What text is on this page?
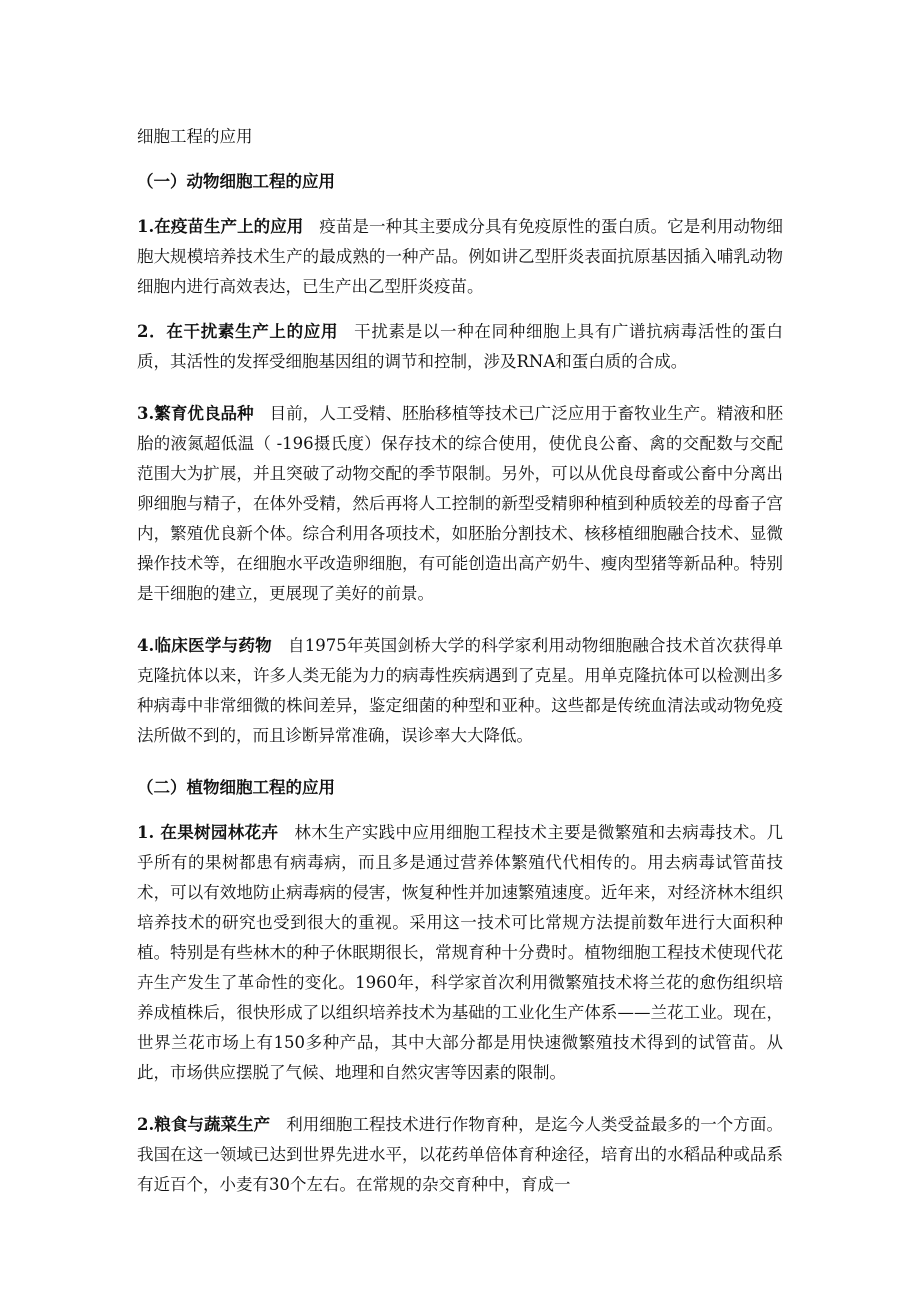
细胞工程的应用

（一）动物细胞工程的应用

1.在疫苗生产上的应用 疫苗是一种其主要成分具有免疫原性的蛋白质。它是利用动物细胞大规模培养技术生产的最成熟的一种产品。例如讲乙型肝炎表面抗原基因插入哺乳动物细胞内进行高效表达，已生产出乙型肝炎疫苗。

2．在干扰素生产上的应用 干扰素是以一种在同种细胞上具有广谱抗病毒活性的蛋白质，其活性的发挥受细胞基因组的调节和控制，涉及RNA和蛋白质的合成。

3.繁育优良品种 目前，人工受精、胚胎移植等技术已广泛应用于畜牧业生产。精液和胚胎的液氮超低温（ -196摄氏度）保存技术的综合使用，使优良公畜、禽的交配数与交配范围大为扩展，并且突破了动物交配的季节限制。另外，可以从优良母畜或公畜中分离出卵细胞与精子，在体外受精，然后再将人工控制的新型受精卵种植到种质较差的母畜子宫内，繁殖优良新个体。综合利用各项技术，如胚胎分割技术、核移植细胞融合技术、显微操作技术等，在细胞水平改造卵细胞，有可能创造出高产奶牛、瘦肉型猪等新品种。特别是干细胞的建立，更展现了美好的前景。

4.临床医学与药物 自1975年英国剑桥大学的科学家利用动物细胞融合技术首次获得单克隆抗体以来，许多人类无能为力的病毒性疾病遇到了克星。用单克隆抗体可以检测出多种病毒中非常细微的株间差异，鉴定细菌的种型和亚种。这些都是传统血清法或动物免疫法所做不到的，而且诊断异常准确，误诊率大大降低。

（二）植物细胞工程的应用

1. 在果树园林花卉 林木生产实践中应用细胞工程技术主要是微繁殖和去病毒技术。几乎所有的果树都患有病毒病，而且多是通过营养体繁殖代代相传的。用去病毒试管苗技术，可以有效地防止病毒病的侵害，恢复种性并加速繁殖速度。近年来，对经济林木组织培养技术的研究也受到很大的重视。采用这一技术可比常规方法提前数年进行大面积种植。特别是有些林木的种子休眠期很长，常规育种十分费时。植物细胞工程技术使现代花卉生产发生了革命性的变化。1960年，科学家首次利用微繁殖技术将兰花的愈伤组织培养成植株后，很快形成了以组织培养技术为基础的工业化生产体系——兰花工业。现在，世界兰花市场上有150多种产品，其中大部分都是用快速微繁殖技术得到的试管苗。从此，市场供应摆脱了气候、地理和自然灾害等因素的限制。

2.粮食与蔬菜生产 利用细胞工程技术进行作物育种，是迄今人类受益最多的一个方面。我国在这一领域已达到世界先进水平，以花药单倍体育种途径，培育出的水稻品种或品系有近百个，小麦有30个左右。在常规的杂交育种中，育成一
